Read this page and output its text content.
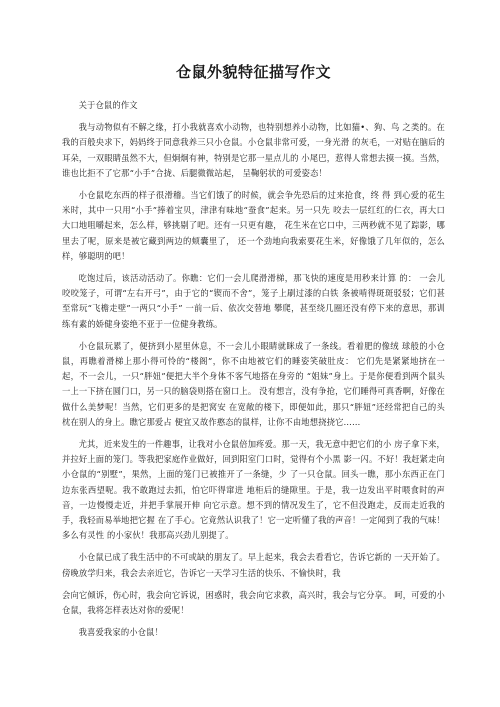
仓鼠外貌特征描写作文

关于仓鼠的作文

我与动物似有不解之缘，打小我就喜欢小动物，也特别想养小动物，比如猫•、狗、鸟 之类的。在我的百般央求下，妈妈终于同意我养三只小仓鼠。小仓鼠非常可爱，一身光滑 的灰毛，一对贴在脑后的耳朵，一双眼睛虽然不大，但炯炯有神，特别是它那一星点儿的 小尾巴，惹得人常想去摸一摸。当然，谁也比拒不了它那“小手”合拢、后腿微微站起， 呈鞠躬状的可爱姿态！

小仓鼠吃东西的样子很滑稽。当它们饿了的时候，就会争先恐后的过来抢食，终 得 到心爱的花生米时，其中一只用“小手”捧着宝贝，津津有味地“蚕食”起来。另一只先 咬去一层红红的仁衣，再大口大口地咀嚼起来，怎么样，够挑剔了吧。还有一只更有趣， 花生米在它口中，三两秒就不见了踪影，哪里去了呢，原来是被它藏到两边的颊囊里了， 还一个劲地向我索要花生米，好像饿了几年似的，怎么样，够聪明的吧！

吃饱过后，该活动活动了。你瞧：它们一会儿爬滑滑梯，那飞快的速度是用秒来计算 的： 一会儿咬咬笼子，可谓“左右开弓”，由于它的“锲而不舍”，笼子上刷过漆的白铁 条被啃得斑斑驳驳；它们甚至常玩“飞檐走壁”一两只“小手” 一前一后、依次交替地 攀爬，甚至绕几圈还没有停下来的意思，那训练有素的娇健身姿绝不亚于一位健身教练。

小仓鼠玩累了，便挤到小屋里休息，不一会儿小眼睛就眯成了一条线。看着肥的像绒 球般的小仓鼠，再瞧着滑梯上那小得可怜的“楼阁”，你不由地被它们的睡姿笑破肚皮： 它们先是紧紧地挤在一起，不一会儿，一只“胖妞”便把大半个身体不客气地搭在身旁的 “姐妹”身上。于是你便看到两个鼠头一上一下挤在圆门口，另一只的脑袋则搭在窗口上。 没有想言，没有争抢，它们睡得可真香啊，好像在做什么美梦呢！当然，它们更多的是把窝安 在宽敞的楼下，即便如此，那只“胖妞”还经常把自己的头枕在别人的身上。瞧它那爱占 便宜又故作憨态的鼠样，让你不由地想挠挠它……

尤其，近来发生的一件趣事，让我对小仓鼠倍加疼爱。那一天，我无意中把它们的小 房子拿下来，并拉好上面的笼门。等我把家庭作业做好，回到阳室门口时，觉得有个小黑 影一闪。不好！我赶紧走向小仓鼠的“别墅”，果然，上面的笼门已被推开了一条缝，少 了一只仓鼠。回头一瞧，那小东西正在门边东张西望呢。我不敢跑过去抓，怕它吓得窜进 地柜后的缝隙里。于是，我一边发出平时喂食时的声音，一边慢慢走近，并把手掌展开伸 向它示意。想不到的情况发生了，它不但没跑走，反而走近我的手，我轻而易举地把它握 在了手心。它竟然认识我了！它一定听懂了我的声音！一定闻到了我的气味！多么有灵性 的小家伙！我那高兴劲儿别提了。

小仓鼠已成了我生活中的不可或缺的朋友了。早上起来，我会去看看它，告诉它新的 一天开始了。傍晚放学归来，我会去亲近它，告诉它一天学习生活的快乐、不愉快时，我

会向它倾诉，伤心时，我会向它诉说，困惑时，我会向它求救，高兴时，我会与它分享。 呵，可爱的小仓鼠，我将怎样表达对你的爱呢！

我喜爱我家的小仓鼠！
